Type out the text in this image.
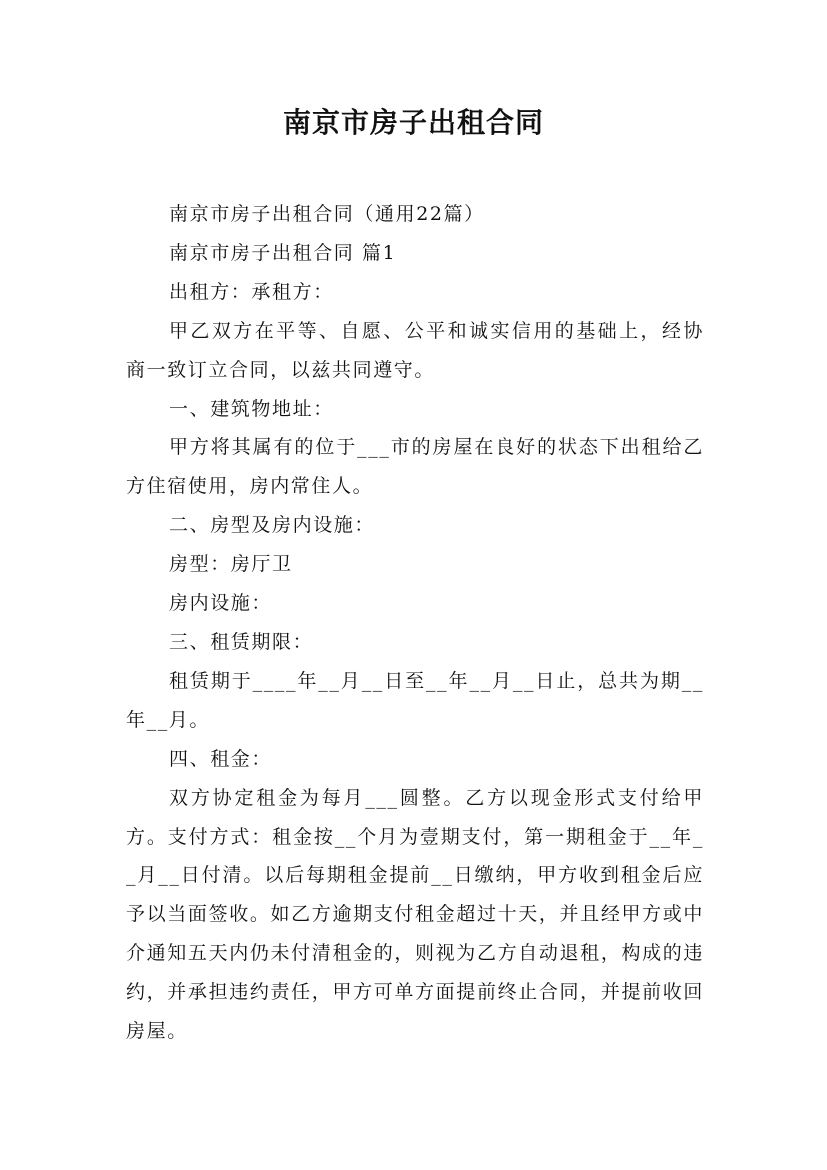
南京市房子出租合同

南京市房子出租合同（通用22篇）

南京市房子出租合同 篇1

出租方：承租方：

甲乙双方在平等、自愿、公平和诚实信用的基础上，经协商一致订立合同，以兹共同遵守。

一、建筑物地址：

甲方将其属有的位于___市的房屋在良好的状态下出租给乙方住宿使用，房内常住人。

二、房型及房内设施：

房型：房厅卫

房内设施：

三、租赁期限：

租赁期于____年__月__日至__年__月__日止，总共为期__年__月。

四、租金：

双方协定租金为每月___圆整。乙方以现金形式支付给甲方。支付方式：租金按__个月为壹期支付，第一期租金于__年__月__日付清。以后每期租金提前__日缴纳，甲方收到租金后应予以当面签收。如乙方逾期支付租金超过十天，并且经甲方或中介通知五天内仍未付清租金的，则视为乙方自动退租，构成的违约，并承担违约责任，甲方可单方面提前终止合同，并提前收回房屋。
